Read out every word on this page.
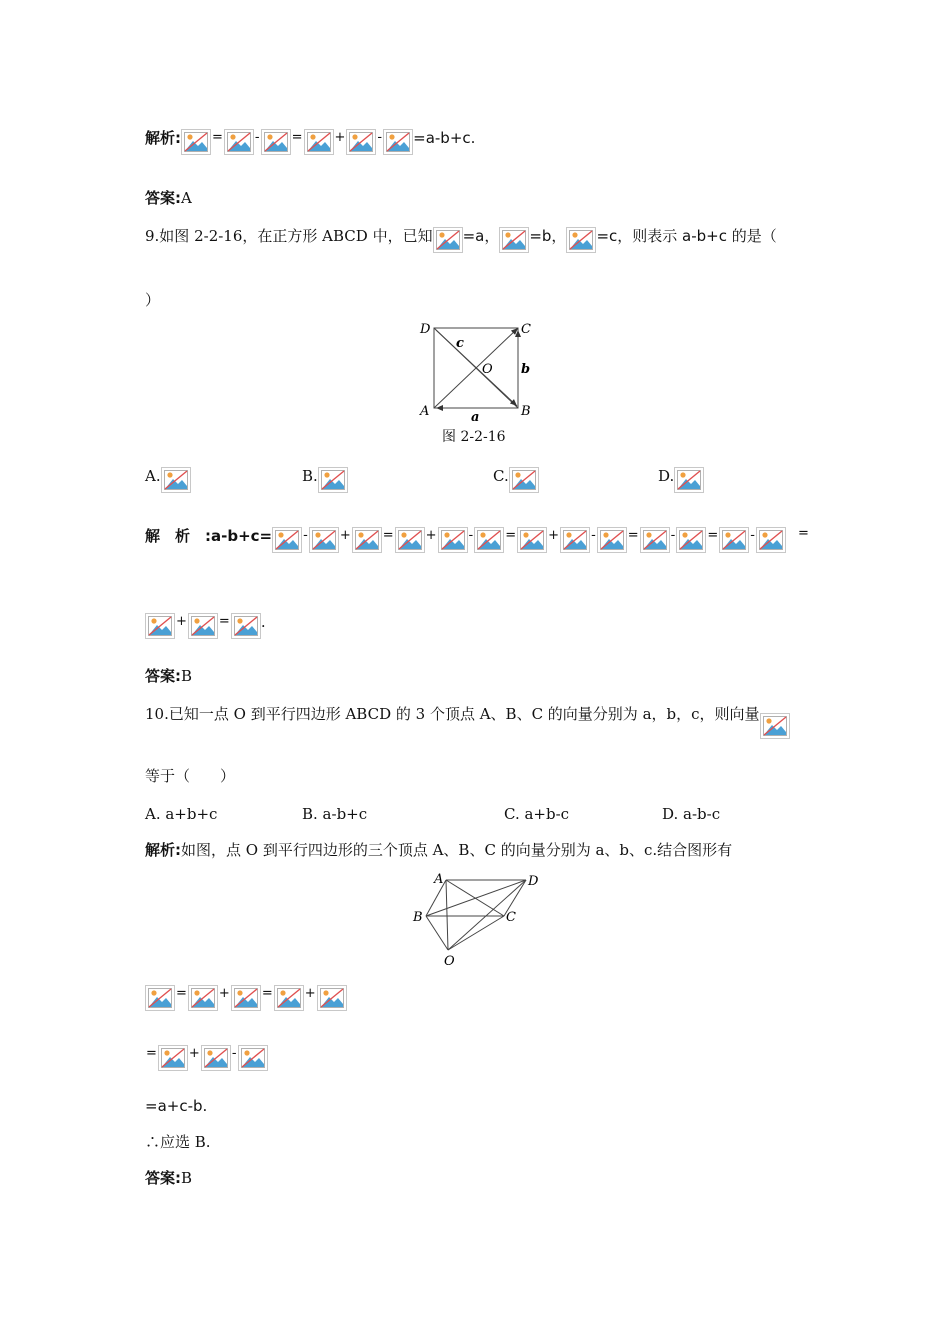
解析: = - = + - =a-b+c.
答案:A
9.如图 2-2-16，在正方形 ABCD 中，已知 =a， =b， =c，则表示 a-b+c 的是（
）
D	C
A	B
O
c
b
a
图 2-2-16
A.	B.	C.	D.
解　析　:a-b+c= - + = + - = + - = - = -	=
+ = .
答案:B
10.已知一点 O 到平行四边形 ABCD 的 3 个顶点 A、B、C 的向量分别为 a，b，c，则向量
等于（　　）
A. a+b+c	B. a-b+c	C. a+b-c	D. a-b-c
解析:如图，点 O 到平行四边形的三个顶点 A、B、C 的向量分别为 a、b、c.结合图形有
A	D
B	C
O
= + = +
= + -
=a+c-b.
∴应选 B.
答案:B
